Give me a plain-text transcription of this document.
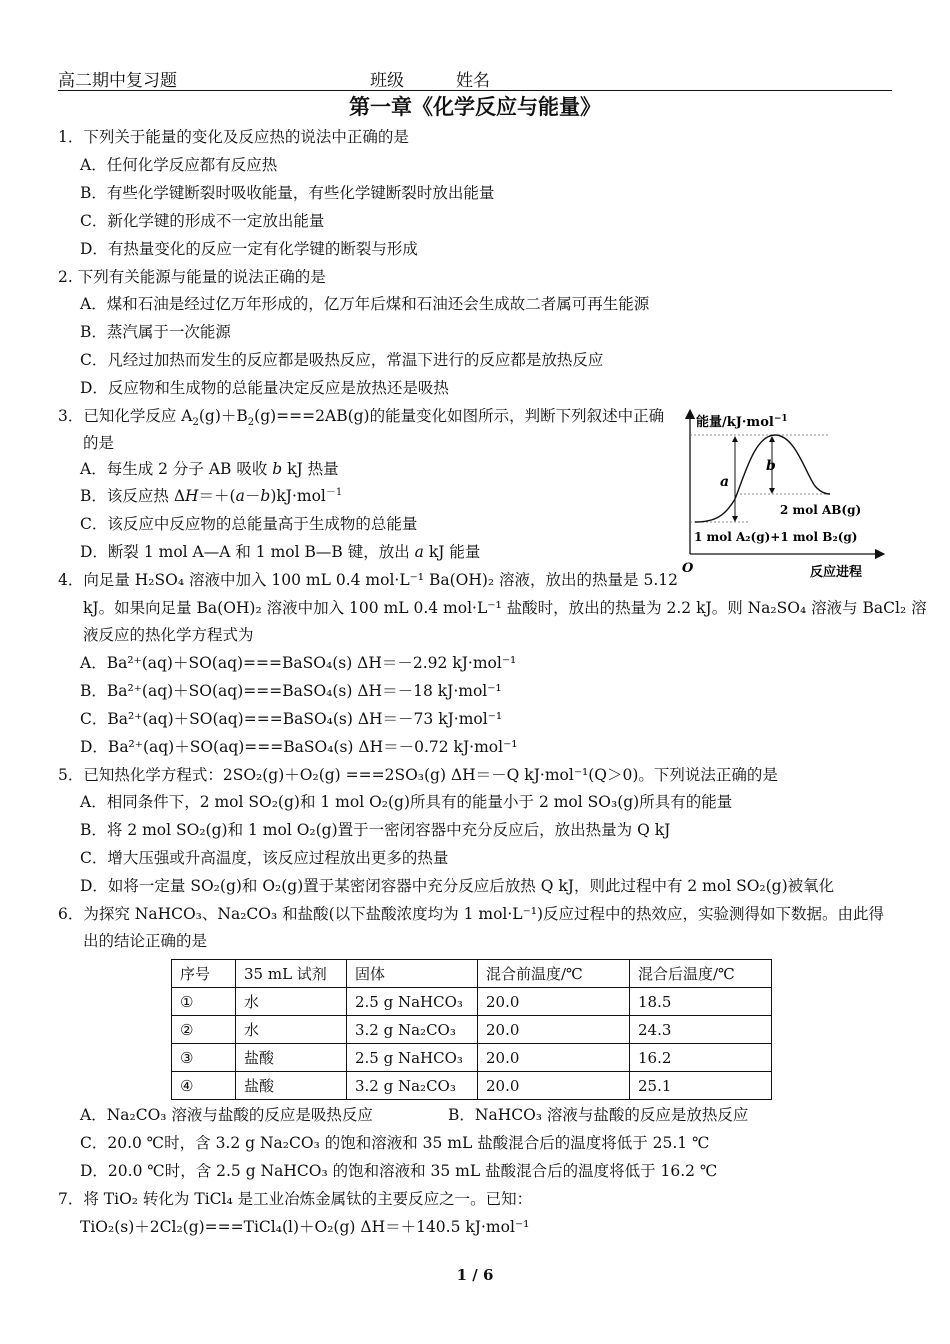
高二期中复习题	班级	姓名
第一章《化学反应与能量》
1．下列关于能量的变化及反应热的说法中正确的是
A．任何化学反应都有反应热
B．有些化学键断裂时吸收能量，有些化学键断裂时放出能量
C．新化学键的形成不一定放出能量
D．有热量变化的反应一定有化学键的断裂与形成
2. 下列有关能源与能量的说法正确的是
A．煤和石油是经过亿万年形成的，亿万年后煤和石油还会生成故二者属可再生能源
B．蒸汽属于一次能源
C．凡经过加热而发生的反应都是吸热反应，常温下进行的反应都是放热反应
D．反应物和生成物的总能量决定反应是放热还是吸热
3．已知化学反应 $A_2(g)+B_2(g)===2AB(g)$的能量变化如图所示，判断下列叙述中正确
的是
A．每生成 2 分子 AB 吸收 b kJ 热量
B．该反应热 ΔH＝＋(a－b)kJ·mol$^{-1}$
C．该反应中反应物的总能量高于生成物的总能量
D．断裂 1 mol A—A 和 1 mol B—B 键，放出 a kJ 能量
能量/kJ·mol$^{-1}$
反应进程
O
a
b
2 mol AB(g)
1 mol A₂(g)+1 mol B₂(g)
4．向足量 H₂SO₄ 溶液中加入 100 mL 0.4 mol·L⁻¹ Ba(OH)₂ 溶液，放出的热量是 5.12
kJ。如果向足量 Ba(OH)₂ 溶液中加入 100 mL 0.4 mol·L⁻¹ 盐酸时，放出的热量为 2.2 kJ。则 Na₂SO₄ 溶液与 BaCl₂ 溶
液反应的热化学方程式为
A．Ba²⁺(aq)＋SO(aq)===BaSO₄(s) ΔH＝－2.92 kJ·mol⁻¹
B．Ba²⁺(aq)＋SO(aq)===BaSO₄(s) ΔH＝－18 kJ·mol⁻¹
C．Ba²⁺(aq)＋SO(aq)===BaSO₄(s) ΔH＝－73 kJ·mol⁻¹
D．Ba²⁺(aq)＋SO(aq)===BaSO₄(s) ΔH＝－0.72 kJ·mol⁻¹
5．已知热化学方程式：2SO₂(g)＋O₂(g) ===2SO₃(g) ΔH＝－Q kJ·mol⁻¹(Q＞0)。下列说法正确的是
A．相同条件下，2 mol SO₂(g)和 1 mol O₂(g)所具有的能量小于 2 mol SO₃(g)所具有的能量
B．将 2 mol SO₂(g)和 1 mol O₂(g)置于一密闭容器中充分反应后，放出热量为 Q kJ
C．增大压强或升高温度，该反应过程放出更多的热量
D．如将一定量 SO₂(g)和 O₂(g)置于某密闭容器中充分反应后放热 Q kJ，则此过程中有 2 mol SO₂(g)被氧化
6．为探究 NaHCO₃、Na₂CO₃ 和盐酸(以下盐酸浓度均为 1 mol·L⁻¹)反应过程中的热效应，实验测得如下数据。由此得
出的结论正确的是
序号	35 mL 试剂	固体	混合前温度/℃	混合后温度/℃
①	水	2.5 g NaHCO₃	20.0	18.5
②	水	3.2 g Na₂CO₃	20.0	24.3
③	盐酸	2.5 g NaHCO₃	20.0	16.2
④	盐酸	3.2 g Na₂CO₃	20.0	25.1
A．Na₂CO₃ 溶液与盐酸的反应是吸热反应	B．NaHCO₃ 溶液与盐酸的反应是放热反应
C．20.0 ℃时，含 3.2 g Na₂CO₃ 的饱和溶液和 35 mL 盐酸混合后的温度将低于 25.1 ℃
D．20.0 ℃时，含 2.5 g NaHCO₃ 的饱和溶液和 35 mL 盐酸混合后的温度将低于 16.2 ℃
7．将 TiO₂ 转化为 TiCl₄ 是工业冶炼金属钛的主要反应之一。已知：
TiO₂(s)＋2Cl₂(g)===TiCl₄(l)＋O₂(g) ΔH＝＋140.5 kJ·mol⁻¹
1 / 6
